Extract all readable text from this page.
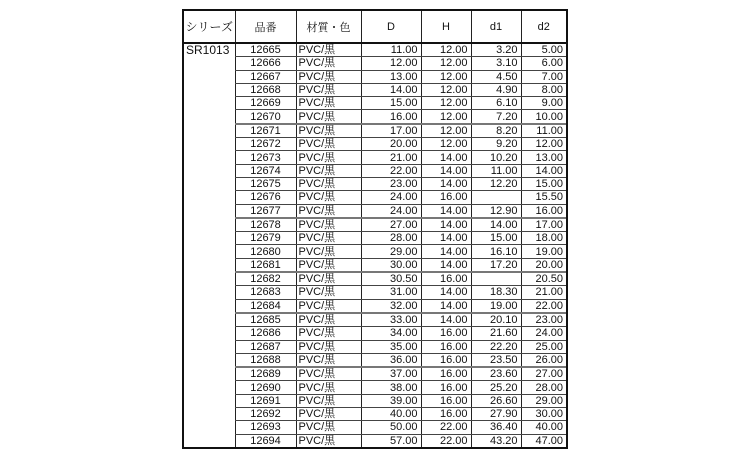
シリーズ	品番	材質・色	D	H	d1	d2
SR1013	12665	PVC/黒	11.00	12.00	3.20	5.00
	12666	PVC/黒	12.00	12.00	3.10	6.00
	12667	PVC/黒	13.00	12.00	4.50	7.00
	12668	PVC/黒	14.00	12.00	4.90	8.00
	12669	PVC/黒	15.00	12.00	6.10	9.00
	12670	PVC/黒	16.00	12.00	7.20	10.00
	12671	PVC/黒	17.00	12.00	8.20	11.00
	12672	PVC/黒	20.00	12.00	9.20	12.00
	12673	PVC/黒	21.00	14.00	10.20	13.00
	12674	PVC/黒	22.00	14.00	11.00	14.00
	12675	PVC/黒	23.00	14.00	12.20	15.00
	12676	PVC/黒	24.00	16.00		15.50
	12677	PVC/黒	24.00	14.00	12.90	16.00
	12678	PVC/黒	27.00	14.00	14.00	17.00
	12679	PVC/黒	28.00	14.00	15.00	18.00
	12680	PVC/黒	29.00	14.00	16.10	19.00
	12681	PVC/黒	30.00	14.00	17.20	20.00
	12682	PVC/黒	30.50	16.00		20.50
	12683	PVC/黒	31.00	14.00	18.30	21.00
	12684	PVC/黒	32.00	14.00	19.00	22.00
	12685	PVC/黒	33.00	14.00	20.10	23.00
	12686	PVC/黒	34.00	16.00	21.60	24.00
	12687	PVC/黒	35.00	16.00	22.20	25.00
	12688	PVC/黒	36.00	16.00	23.50	26.00
	12689	PVC/黒	37.00	16.00	23.60	27.00
	12690	PVC/黒	38.00	16.00	25.20	28.00
	12691	PVC/黒	39.00	16.00	26.60	29.00
	12692	PVC/黒	40.00	16.00	27.90	30.00
	12693	PVC/黒	50.00	22.00	36.40	40.00
	12694	PVC/黒	57.00	22.00	43.20	47.00
